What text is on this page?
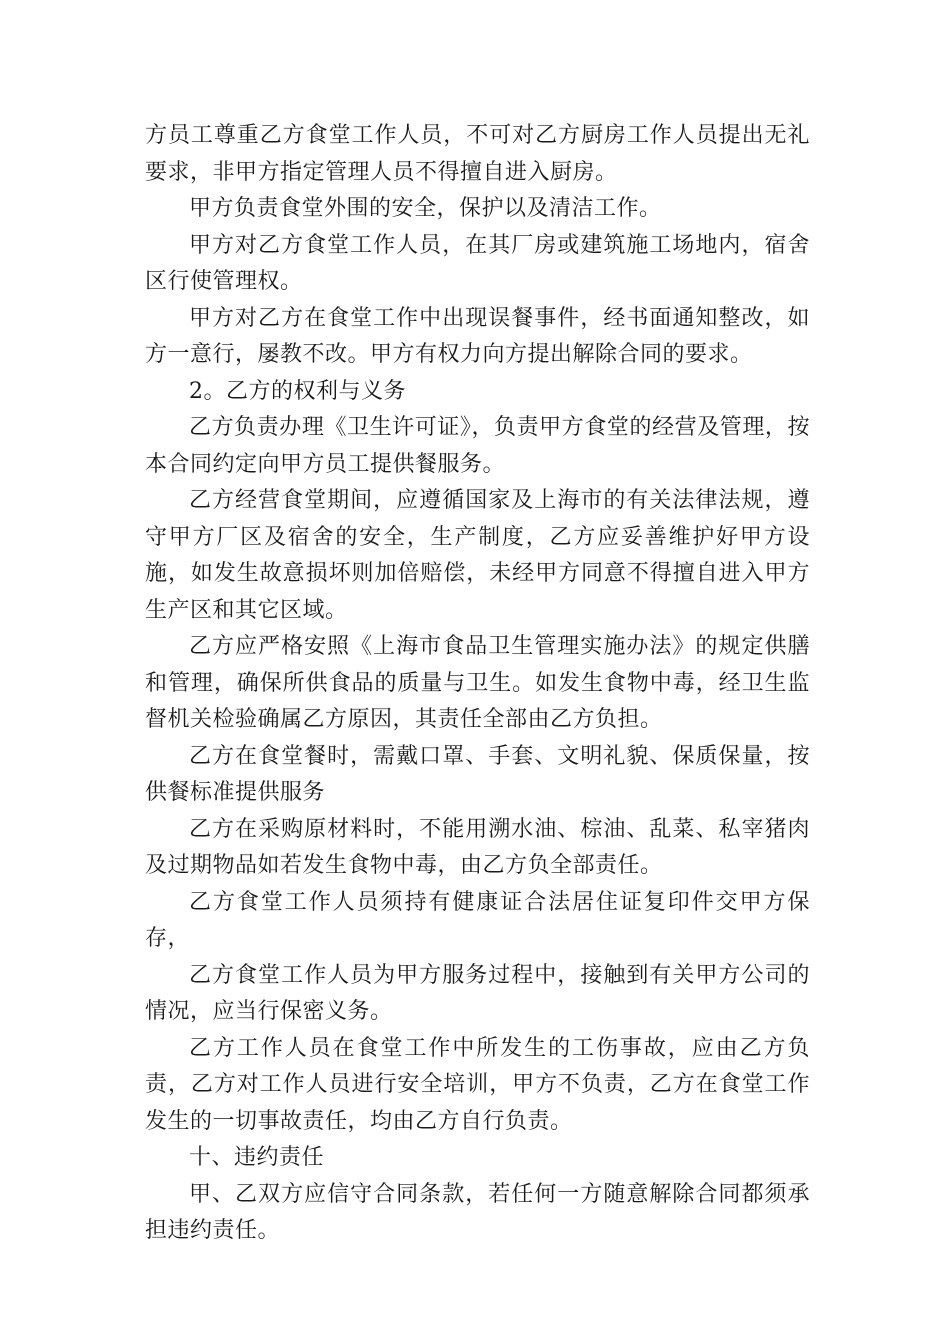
方员工尊重乙方食堂工作人员，不可对乙方厨房工作人员提出无礼要求，非甲方指定管理人员不得擅自进入厨房。

甲方负责食堂外围的安全，保护以及清洁工作。

甲方对乙方食堂工作人员，在其厂房或建筑施工场地内，宿舍区行使管理权。

甲方对乙方在食堂工作中出现误餐事件，经书面通知整改，如方一意行，屡教不改。甲方有权力向方提出解除合同的要求。

2。乙方的权利与义务

乙方负责办理《卫生许可证》，负责甲方食堂的经营及管理，按本合同约定向甲方员工提供餐服务。

乙方经营食堂期间，应遵循国家及上海市的有关法律法规，遵守甲方厂区及宿舍的安全，生产制度，乙方应妥善维护好甲方设施，如发生故意损坏则加倍赔偿，未经甲方同意不得擅自进入甲方生产区和其它区域。

乙方应严格安照《上海市食品卫生管理实施办法》的规定供膳和管理，确保所供食品的质量与卫生。如发生食物中毒，经卫生监督机关检验确属乙方原因，其责任全部由乙方负担。

乙方在食堂餐时，需戴口罩、手套、文明礼貌、保质保量，按供餐标准提供服务

乙方在采购原材料时，不能用溯水油、棕油、乱菜、私宰猪肉及过期物品如若发生食物中毒，由乙方负全部责任。

乙方食堂工作人员须持有健康证合法居住证复印件交甲方保存，

乙方食堂工作人员为甲方服务过程中，接触到有关甲方公司的情况，应当行保密义务。

乙方工作人员在食堂工作中所发生的工伤事故，应由乙方负责，乙方对工作人员进行安全培训，甲方不负责，乙方在食堂工作发生的一切事故责任，均由乙方自行负责。

十、违约责任

甲、乙双方应信守合同条款，若任何一方随意解除合同都须承担违约责任。
